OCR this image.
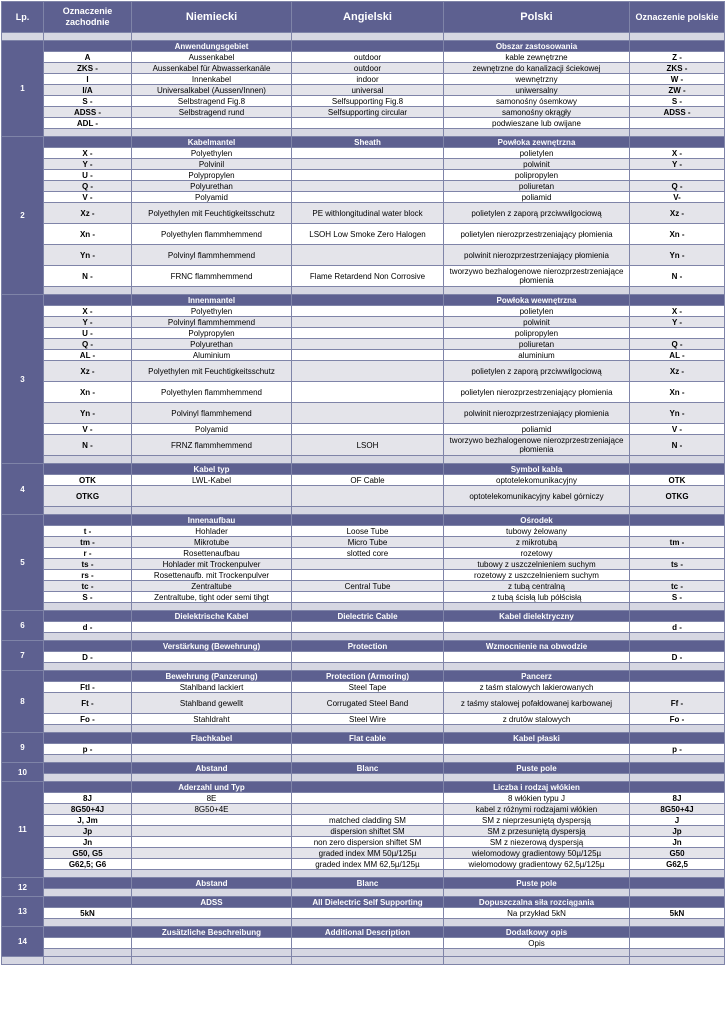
Lp.	Oznaczenie zachodnie	Niemiecki	Angielski	Polski	Oznaczenie polskie

1		Anwendungsgebiet		Obszar zastosowania	
	A	Aussenkabel	outdoor	kable zewnętrzne	Z -
	ZKS -	Aussenkabel für Abwasserkanäle	outdoor	zewnętrzne do kanalizacji ściekowej	ZKS -
	I	Innenkabel	indoor	wewnętrzny	W -
	I/A	Universalkabel (Aussen/Innen)	universal	uniwersalny	ZW -
	S -	Selbstragend Fig.8	Selfsupporting Fig.8	samonośny ósemkowy	S -
	ADSS -	Selbstragend rund	Selfsupporting circular	samonośny okrągły	ADSS -
	ADL -			podwieszane lub owijane	

2		Kabelmantel	Sheath	Powłoka zewnętrzna	
	X -	Polyethylen		polietylen	X -
	Y -	Polvinil		polwinit	Y -
	U -	Polypropylen		polipropylen	
	Q -	Polyurethan		poliuretan	Q -
	V -	Polyamid		poliamid	V-
	Xz -	Polyethylen mit Feuchtigkeitsschutz	PE withlongitudinal water block	polietylen z zaporą przciwwilgociową	Xz -
	Xn -	Polyethylen flammhemmend	LSOH Low Smoke Zero Halogen	polietylen nierozprzestrzeniający płomienia	Xn -
	Yn -	Polvinyl flammhemmend		polwinit nierozprzestrzeniający płomienia	Yn -
	N -	FRNC flammhemmend	Flame Retardend Non Corrosive	tworzywo bezhalogenowe nierozprzestrzeniające płomienia	N -

3		Innenmantel		Powłoka wewnętrzna	
	X -	Polyethylen		polietylen	X -
	Y -	Polvinyl flammhemmend		polwinit	Y -
	U -	Polypropylen		polipropylen	
	Q -	Polyurethan		poliuretan	Q -
	AL -	Aluminium		aluminium	AL -
	Xz -	Polyethylen mit Feuchtigkeitsschutz		polietylen z zaporą przciwwilgociową	Xz -
	Xn -	Polyethylen flammhemmend		polietylen nierozprzestrzeniający płomienia	Xn -
	Yn -	Polvinyl flammhemend		polwinit nierozprzestrzeniający płomienia	Yn -
	V -	Polyamid		poliamid	V -
	N -	FRNZ flammhemmend	LSOH	tworzywo bezhalogenowe nierozprzestrzeniające płomienia	N -

4		Kabel typ		Symbol kabla	
	OTK	LWL-Kabel	OF Cable	optotelekomunikacyjny	OTK
	OTKG			optotelekomunikacyjny kabel górniczy	OTKG

5		Innenaufbau		Ośrodek	
	t -	Hohlader	Loose Tube	tubowy żelowany	
	tm -	Mikrotube	Micro Tube	z mikrotubą	tm -
	r -	Rosettenaufbau	slotted core	rozetowy	
	ts -	Hohlader mit Trockenpulver		tubowy z uszczelnieniem suchym	ts -
	rs -	Rosettenaufb. mit Trockenpulver		rozetowy z uszczelnieniem suchym	
	tc -	Zentraltube	Central Tube	z tubą centralną	tc -
	S -	Zentraltube, tight oder semi tihgt		z tubą ścisłą lub półścisłą	S -

6		Dielektrische Kabel	Dielectric Cable	Kabel dielektryczny	
	d -				d -

7		Verstärkung (Bewehrung)	Protection	Wzmocnienie na obwodzie	
	D -				D -

8		Bewehrung (Panzerung)	Protection (Armoring)	Pancerz	
	Ftl -	Stahlband lackiert	Steel Tape	z taśm stalowych lakierowanych	
	Ft -	Stahlband gewellt	Corrugated Steel Band	z taśmy stalowej pofałdowanej karbowanej	Ff -
	Fo -	Stahldraht	Steel Wire	z drutów stalowych	Fo -

9		Flachkabel	Flat cable	Kabel płaski	
	p -				p -

10		Abstand	Blanc	Puste pole	

11		Aderzahl und Typ		Liczba i rodzaj włókien	
	8J	8E		8 włókien typu J	8J
	8G50+4J	8G50+4E		kabel z różnymi rodzajami włókien	8G50+4J
	J, Jm		matched cladding SM	SM z nieprzesuniętą dyspersją	J
	Jp		dispersion shiftet SM	SM z przesuniętą dyspersją	Jp
	Jn		non zero dispersion shiftet SM	SM z niezerową dyspersją	Jn
	G50, G5		graded index MM 50µ/125µ	wielomodowy gradientowy 50µ/125µ	G50
	G62,5; G6		graded index MM 62,5µ/125µ	wielomodowy gradientowy 62,5µ/125µ	G62,5

12		Abstand	Blanc	Puste pole	

13		ADSS	All Dielectric Self Supporting	Dopuszczalna siła rozciągania	
	5kN			Na przykład 5kN	5kN

14		Zusätzliche Beschreibung	Additional Description	Dodatkowy opis	
				Opis	
